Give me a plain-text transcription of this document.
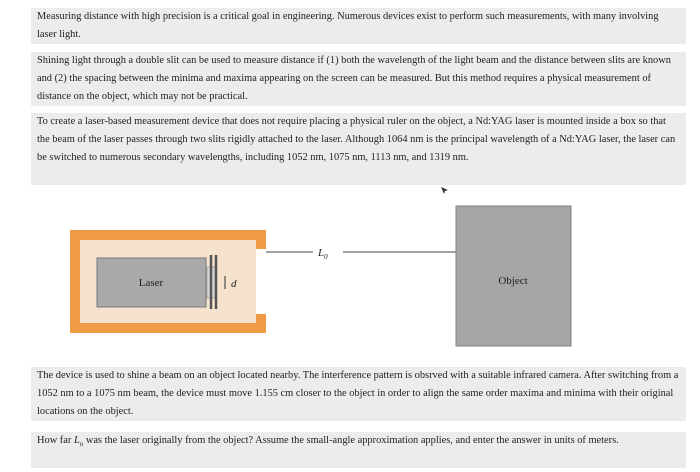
Measuring distance with high precision is a critical goal in engineering. Numerous devices exist to perform such measurements, with many involving laser light.

Shining light through a double slit can be used to measure distance if (1) both the wavelength of the light beam and the distance between slits are known and (2) the spacing between the minima and maxima appearing on the screen can be measured. But this method requires a physical measurement of distance on the object, which may not be practical.

To create a laser-based measurement device that does not require placing a physical ruler on the object, a Nd:YAG laser is mounted inside a box so that the beam of the laser passes through two slits rigidly attached to the laser. Although 1064 nm is the principal wavelength of a Nd:YAG laser, the laser can be switched to numerous secondary wavelengths, including 1052 nm, 1075 nm, 1113 nm, and 1319 nm.

Laser	d
$L_0$
Object

The device is used to shine a beam on an object located nearby. The interference pattern is obsrved with a suitable infrared camera. After switching from a 1052 nm to a 1075 nm beam, the device must move 1.155 cm closer to the object in order to align the same order maxima and minima with their original locations on the object.

How far $L_o$ was the laser originally from the object? Assume the small-angle approximation applies, and enter the answer in units of meters.
